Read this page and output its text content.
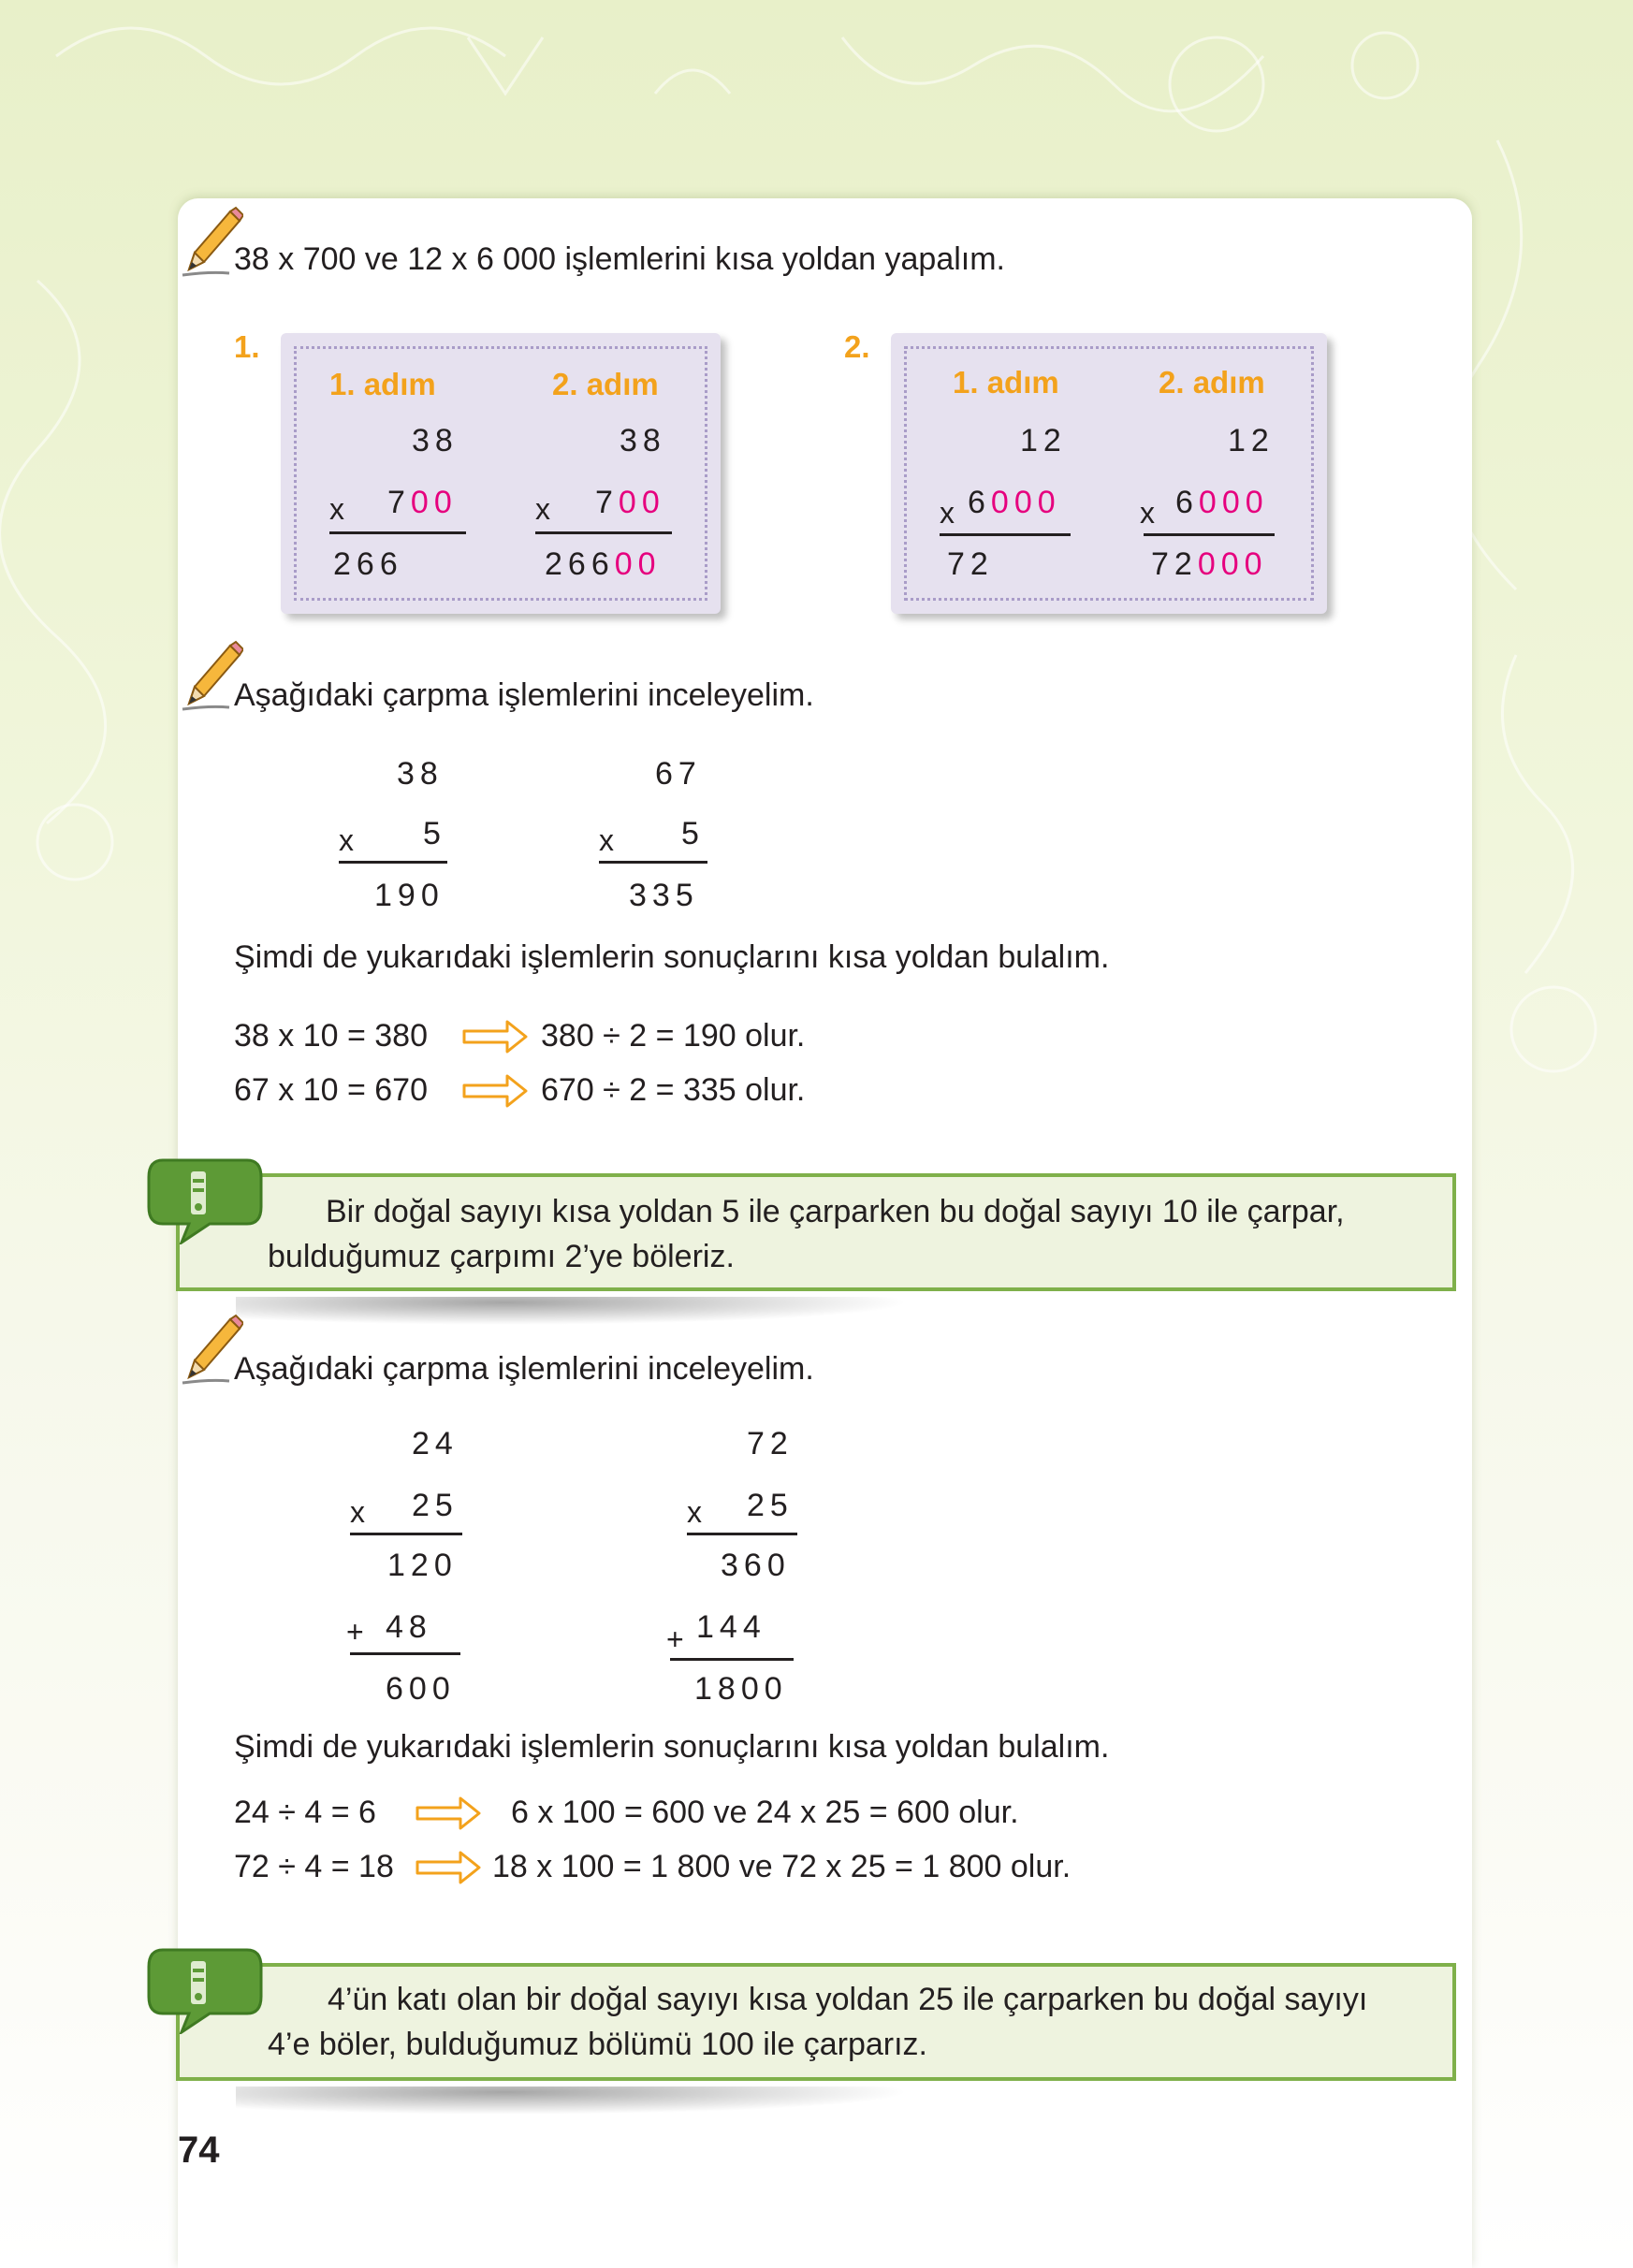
38 x 700 ve 12 x 6 000 işlemlerini kısa yoldan yapalım.
1.
1. adım	2. adım
38	38
x 700	x 700
266	26600
2.
1. adım	2. adım
12	12
x 6000	x 6000
72	72000
Aşağıdaki çarpma işlemlerini inceleyelim.
38
x 5
190
67
x 5
335
Şimdi de yukarıdaki işlemlerin sonuçlarını kısa yoldan bulalım.
38 x 10 = 380	380 ÷ 2 = 190 olur.
67 x 10 = 670	670 ÷ 2 = 335 olur.
Bir doğal sayıyı kısa yoldan 5 ile çarparken bu doğal sayıyı 10 ile çarpar,
bulduğumuz çarpımı 2’ye böleriz.
Aşağıdaki çarpma işlemlerini inceleyelim.
24
x 25
120
+ 48
600
72
x 25
360
+ 144
1800
Şimdi de yukarıdaki işlemlerin sonuçlarını kısa yoldan bulalım.
24 ÷ 4 = 6	6 x 100 = 600 ve 24 x 25 = 600 olur.
72 ÷ 4 = 18	18 x 100 = 1 800 ve 72 x 25 = 1 800 olur.
4’ün katı olan bir doğal sayıyı kısa yoldan 25 ile çarparken bu doğal sayıyı
4’e böler, bulduğumuz bölümü 100 ile çarparız.
74
